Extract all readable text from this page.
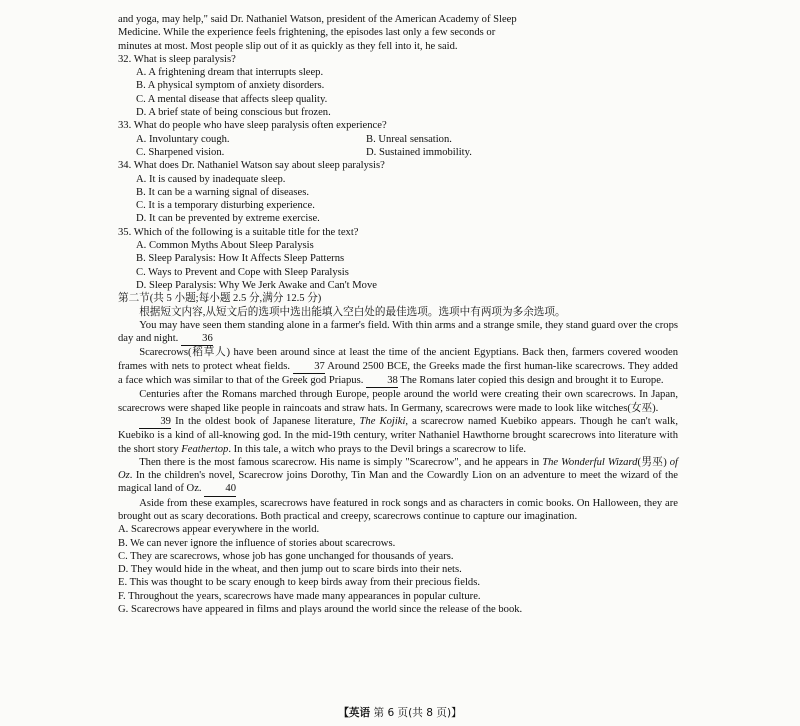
and yoga, may help," said Dr. Nathaniel Watson, president of the American Academy of Sleep

Medicine. While the experience feels frightening, the episodes last only a few seconds or

minutes at most. Most people slip out of it as quickly as they fell into it, he said.

32. What is sleep paralysis?

A. A frightening dream that interrupts sleep.

B. A physical symptom of anxiety disorders.

C. A mental disease that affects sleep quality.

D. A brief state of being conscious but frozen.

33. What do people who have sleep paralysis often experience?

A. Involuntary cough.	B. Unreal sensation.
C. Sharpened vision.	D. Sustained immobility.

34. What does Dr. Nathaniel Watson say about sleep paralysis?

A. It is caused by inadequate sleep.

B. It can be a warning signal of diseases.

C. It is a temporary disturbing experience.

D. It can be prevented by extreme exercise.

35. Which of the following is a suitable title for the text?

A. Common Myths About Sleep Paralysis

B. Sleep Paralysis: How It Affects Sleep Patterns

C. Ways to Prevent and Cope with Sleep Paralysis

D. Sleep Paralysis: Why We Jerk Awake and Can't Move

第二节(共 5 小题;每小题 2.5 分,满分 12.5 分)

根据短文内容,从短文后的选项中选出能填入空白处的最佳选项。选项中有两项为多余选项。

You may have seen them standing alone in a farmer's field. With thin arms and a strange smile, they stand guard over the crops day and night. 36

Scarecrows(稻草人) have been around since at least the time of the ancient Egyptians. Back then, farmers covered wooden frames with nets to protect wheat fields. 37 Around 2500 BCE, the Greeks made the first human-like scarecrows. They added a face which was similar to that of the Greek god Priapus. 38 The Romans later copied this design and brought it to Europe.

Centuries after the Romans marched through Europe, people around the world were creating their own scarecrows. In Japan, scarecrows were shaped like people in raincoats and straw hats. In Germany, scarecrows were made to look like witches(女巫).

39 In the oldest book of Japanese literature, The Kojiki, a scarecrow named Kuebiko appears. Though he can't walk, Kuebiko is a kind of all-knowing god. In the mid-19th century, writer Nathaniel Hawthorne brought scarecrows into literature with the short story Feathertop. In this tale, a witch who prays to the Devil brings a scarecrow to life.

Then there is the most famous scarecrow. His name is simply "Scarecrow", and he appears in The Wonderful Wizard(男巫) of Oz. In the children's novel, Scarecrow joins Dorothy, Tin Man and the Cowardly Lion on an adventure to meet the wizard of the magical land of Oz. 40

Aside from these examples, scarecrows have featured in rock songs and as characters in comic books. On Halloween, they are brought out as scary decorations. Both practical and creepy, scarecrows continue to capture our imagination.

A. Scarecrows appear everywhere in the world.

B. We can never ignore the influence of stories about scarecrows.

C. They are scarecrows, whose job has gone unchanged for thousands of years.

D. They would hide in the wheat, and then jump out to scare birds into their nets.

E. This was thought to be scary enough to keep birds away from their precious fields.

F. Throughout the years, scarecrows have made many appearances in popular culture.

G. Scarecrows have appeared in films and plays around the world since the release of the book.

【英语 第 6 页(共 8 页)】
